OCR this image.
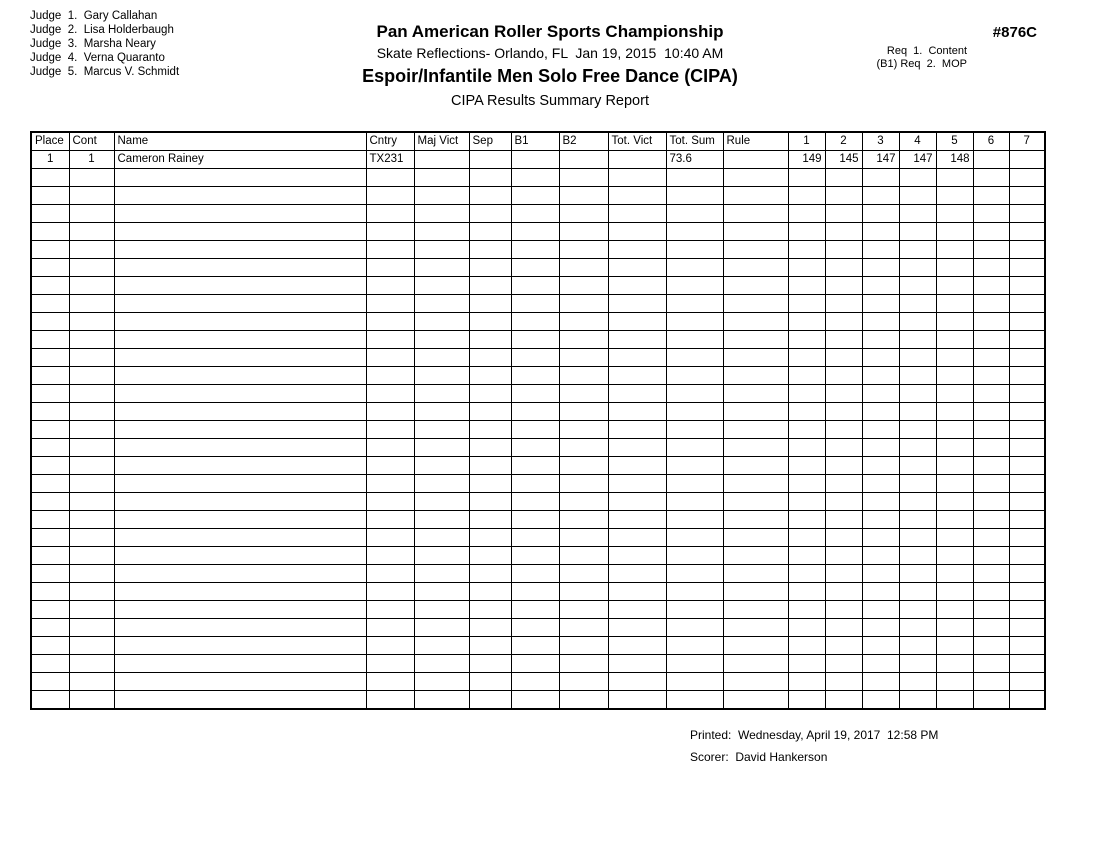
Judge  1.  Gary Callahan
Judge  2.  Lisa Holderbaugh
Judge  3.  Marsha Neary
Judge  4.  Verna Quaranto
Judge  5.  Marcus V. Schmidt
Pan American Roller Sports Championship
Skate Reflections- Orlando, FL  Jan 19, 2015  10:40 AM
Espoir/Infantile Men Solo Free Dance (CIPA)
CIPA Results Summary Report
#876C
Req  1.  Content
(B1) Req  2.  MOP
Place	Cont	Name	Cntry	Maj Vict	Sep	B1	B2	Tot. Vict	Tot. Sum	Rule	1	2	3	4	5	6	7
1	1	Cameron Rainey	TX231						73.6		149	145	147	147	148		

Printed:  Wednesday, April 19, 2017  12:58 PM
Scorer:  David Hankerson
